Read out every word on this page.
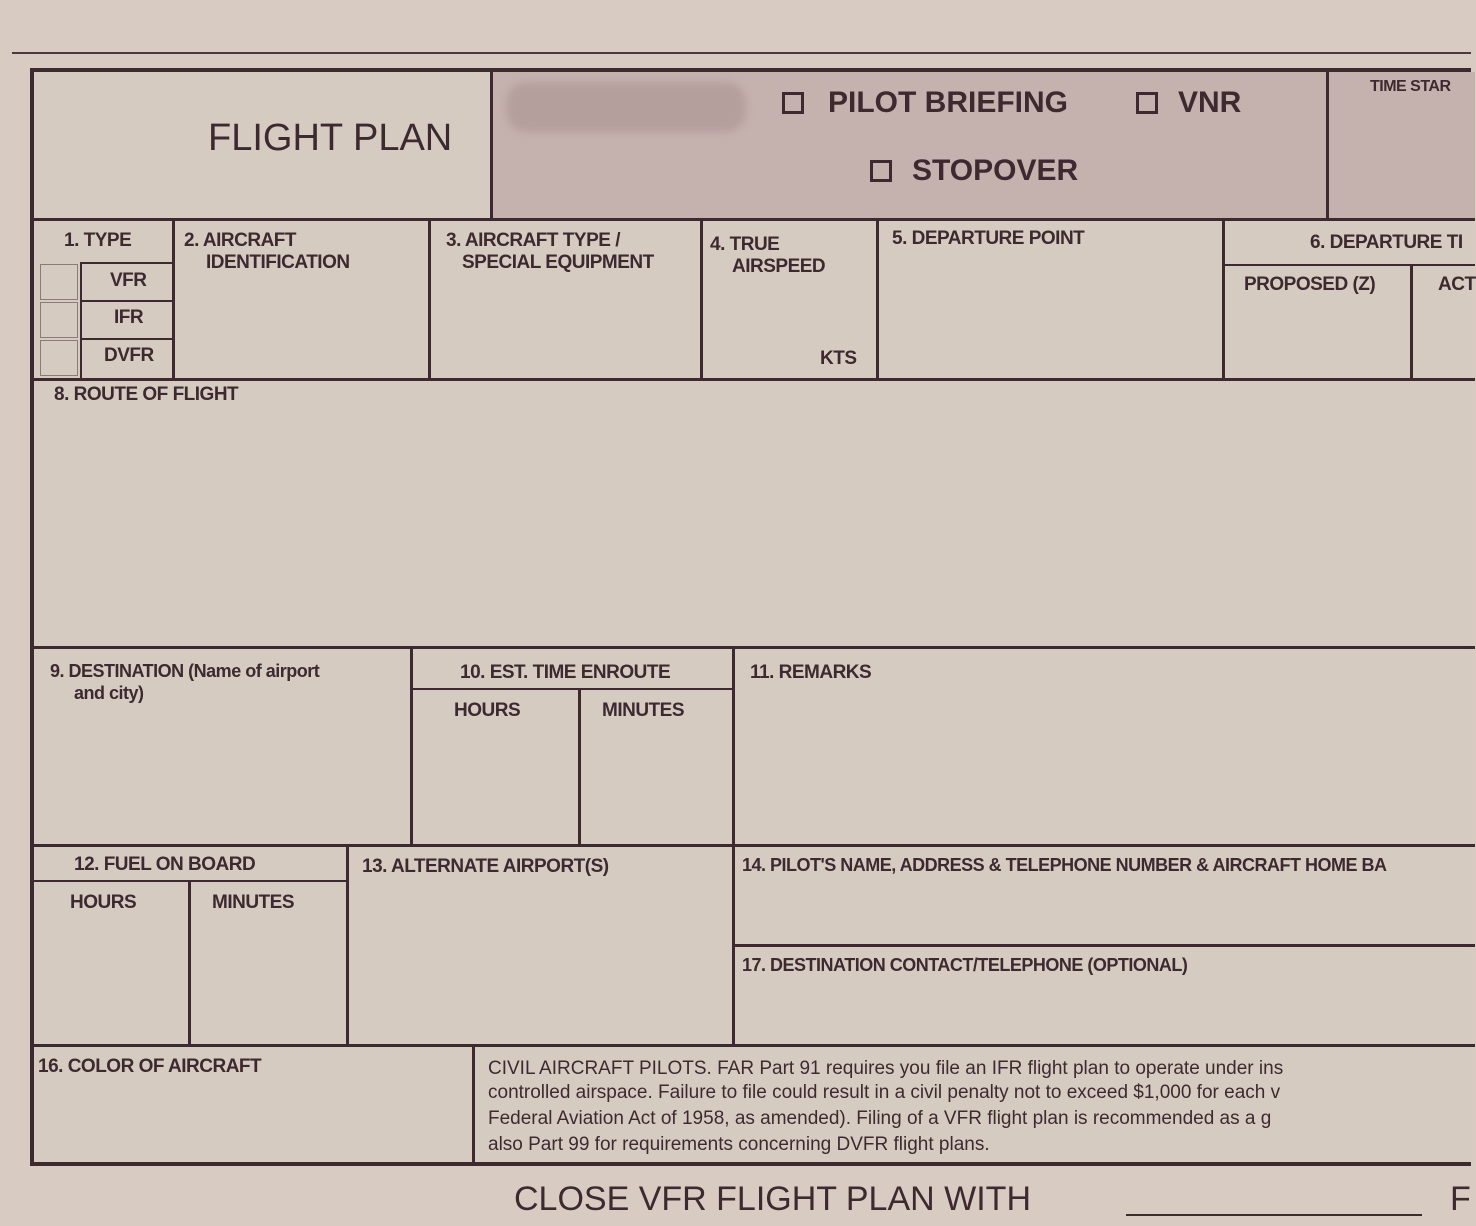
FLIGHT PLAN
PILOT BRIEFING	VNR
STOPOVER
TIME STAR
1. TYPE
VFR
IFR
DVFR
2. AIRCRAFT
IDENTIFICATION
3. AIRCRAFT TYPE /
SPECIAL EQUIPMENT
4. TRUE
AIRSPEED
KTS
5. DEPARTURE POINT	6. DEPARTURE TI
PROPOSED (Z)	ACT
8. ROUTE OF FLIGHT
9. DESTINATION (Name of airport
and city)
10. EST. TIME ENROUTE
HOURS	MINUTES
11. REMARKS
12. FUEL ON BOARD
HOURS	MINUTES
13. ALTERNATE AIRPORT(S)	14. PILOT'S NAME, ADDRESS & TELEPHONE NUMBER & AIRCRAFT HOME BA
17. DESTINATION CONTACT/TELEPHONE (OPTIONAL)
16. COLOR OF AIRCRAFT	CIVIL AIRCRAFT PILOTS. FAR Part 91 requires you file an IFR flight plan to operate under ins
controlled airspace. Failure to file could result in a civil penalty not to exceed $1,000 for each v
Federal Aviation Act of 1958, as amended). Filing of a VFR flight plan is recommended as a g
also Part 99 for requirements concerning DVFR flight plans.
CLOSE VFR FLIGHT PLAN WITH	F
